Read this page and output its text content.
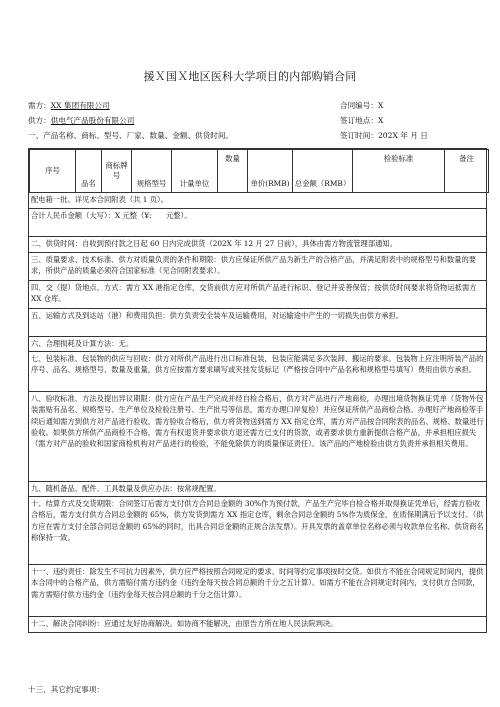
援Ｘ国Ｘ地区医科大学项目的内部购销合同
需方：XX 集团有限公司
供方：供电气产品股份有限公司
一、产品名称、商标、型号、厂家、数量、金额、供货时间。
合同编号：X
签订地点：X
签订时间：202X 年 月 日
序号	品名	商标牌号	规格型号	计量单位	数量	单价(RMB)	总金额（RMB）	检验标准	备注
配电箱一批。详见本合同附表（共 1 页）。
合计人民币金额（大写）：X 元整（¥:　　元整）。
二、供货时间：自收到预付款之日起 60 日内完成供货（202X 年 12 月 27 日前），具体由需方物流管理部通知。
三、质量要求、技术标准、供方对质量负责的条件和期限：供方应保证所供产品为新生产的合格产品，并满足附表中的规格型号和数量的要求，所供产品的质量必须符合国家标准（见合同附表要求）。
四、交（提）货地点、方式：需方 XX 港指定仓库，交货前供方应对所供产品进行标识、登记并妥善保管；按供货时间要求将货物运抵需方 XX 仓库。
五、运输方式及到达站（港）和费用负担：供方负责安全装车及运输费用，对运输途中产生的一切损失由供方承担。
六、合理损耗及计算方法：无。
七、包装标准、包装物的供应与回收：供方对所供产品进行出口标准包装，包装应能满足多次装卸、搬运的要求。包装物上应注明所装产品的序号、品名、规格型号、数量及重量，供方应按需方要求刷写或夹挂发货标记（严格按合同中产品名称和规格型号填写）费用由供方承担。
八、验收标准、方法及提出异议期限：供方应在产品生产完成并经自检合格后，供方对产品进行产地商检，办理出境货物换证凭单（货物外包装需贴有品名、规格型号、生产单位及检验注册号、生产批号等信息，需方办理口岸复检）并应保证所供产品商检合格。办理好产地商检等手续后通知需方到供方对产品进行验收，需方验收合格后，供方将货物送到需方 XX 指定仓库，需方对产品按合同附表的品名、规格、数量进行验收。如果供方所供产品商检不合格，需方有权退货并要求供方退还需方已支付的货款，或者要求供方重新提供合格产品，并承担相应损失（需方对产品的验收和国家商检机构对产品进行的检验，不能免除供方的质量保证责任）。该产品的产地检验由供方负责并承担相关费用。
九、随机备品、配件、工具数量及供应办法：按常规配置。
十、结算方式及交货期限：合同签订后需方支付供方合同总金额的 30%作为预付款，产品生产完毕自检合格并取得换证凭单后，经需方验收合格后，需方支付供方合同总金额的 65%，供方发货到需方 XX 指定仓库，剩余合同总金额的 5%作为质保金，在质保期满后予以支付。（供方应在需方支付全部合同总金额的 65%的同时，出具合同总金额的正规合法发票）。开具发票的盖章单位名称必须与收款单位名称、供货商名称保持一致。
十一、违约责任：除发生不可抗力因素外，供方应严格按照合同规定的要求、时间等约定事项按时交货。如供方不能在合同规定时间内，提供本合同中的合格产品，供方需赔付需方违约金（违约金每天按合同总额的千分之五计算）。如需方不能在合同规定时间内，支付供方合同款，需方需赔付供方违约金（违约金每天按合同总额的千分之伍计算）。
十二、解决合同纠纷：应通过友好协商解决。如协商不能解决，由原告方所在地人民法院判决。
十三、其它约定事项：
